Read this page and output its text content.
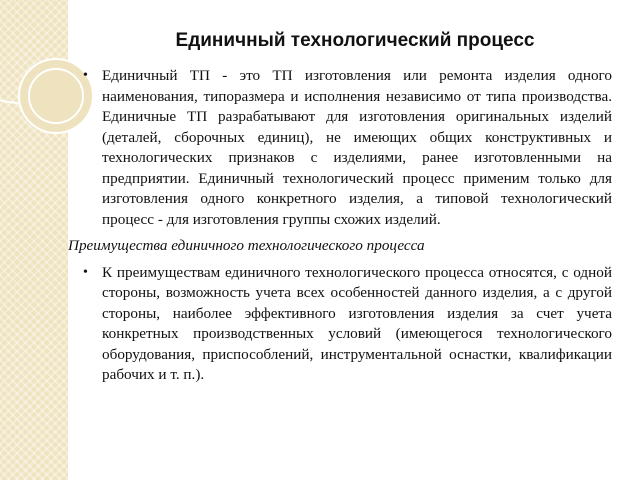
Единичный технологический процесс

• Единичный ТП - это ТП изготовления или ремонта изделия одного наименования, типоразмера и исполнения независимо от типа производства. Единичные ТП разрабатывают для изготовления оригинальных изделий (деталей, сборочных единиц), не имеющих общих конструктивных и технологических признаков с изделиями, ранее изготовленными на предприятии. Единичный технологический процесс применим только для изготовления одного конкретного изделия, а типовой технологический процесс - для изготовления группы схожих изделий.

Преимущества единичного технологического процесса

• К преимуществам единичного технологического процесса относятся, с одной стороны, возможность учета всех особенностей данного изделия, а с другой стороны, наиболее эффективного изготовления изделия за счет учета конкретных производственных условий (имеющегося технологического оборудования, приспособлений, инструментальной оснастки, квалификации рабочих и т. п.).
